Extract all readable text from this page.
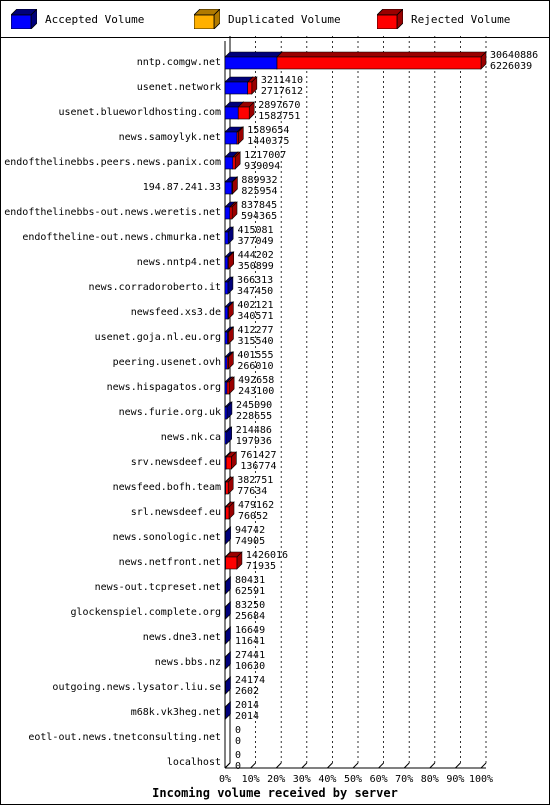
Accepted Volume	Duplicated Volume	Rejected Volume
0% 10% 20% 30% 40% 50% 60% 70% 80% 90% 100%
nntp.comgw.net
30640886
6226039
usenet.network
3211410
2717612
usenet.blueworldhosting.com
2897670
1582751
news.samoylyk.net
1589654
1440375
endofthelinebbs.peers.news.panix.com
1217007
939094
194.87.241.33
889932
825954
endofthelinebbs-out.news.weretis.net
837845
594365
endoftheline-out.news.chmurka.net
415081
377049
news.nntp4.net
444202
350899
news.corradoroberto.it
366313
347450
newsfeed.xs3.de
402121
340571
usenet.goja.nl.eu.org
412277
315540
peering.usenet.ovh
401555
266010
news.hispagatos.org
492658
243100
news.furie.org.uk
245090
228655
news.nk.ca
214486
197936
srv.newsdeef.eu
761427
136774
newsfeed.bofh.team
382751
77634
srl.newsdeef.eu
479162
76052
news.sonologic.net
94742
74905
news.netfront.net
1426016
71935
news-out.tcpreset.net
80431
62591
glockenspiel.complete.org
83250
25684
news.dne3.net
16649
11641
news.bbs.nz
27441
10630
outgoing.news.lysator.liu.se
24174
2602
m68k.vk3heg.net
2014
2014
eotl-out.news.tnetconsulting.net
0
0
localhost
0
0
Incoming volume received by server
